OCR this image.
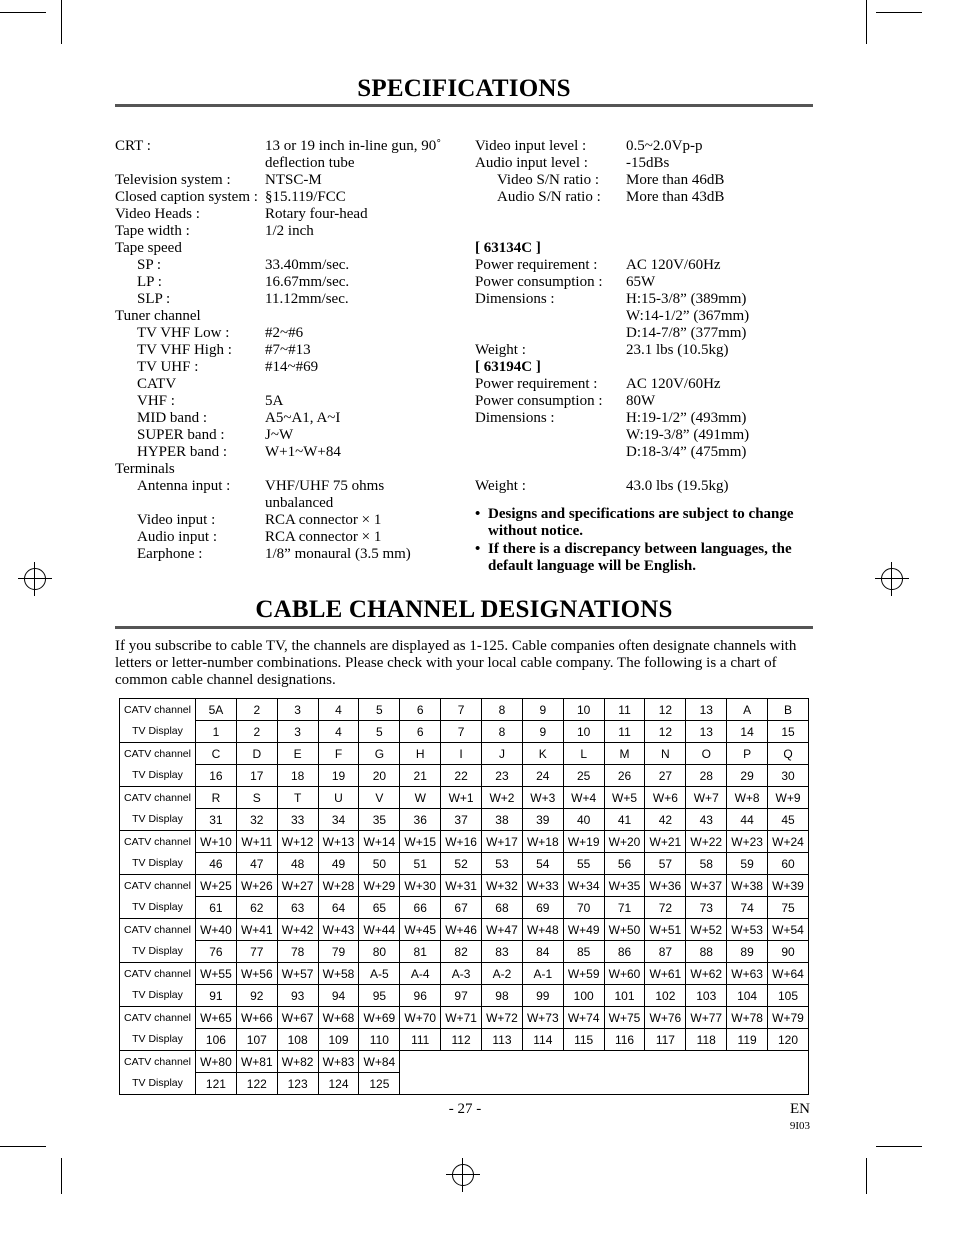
SPECIFICATIONS
CRT :	13 or 19 inch in-line gun, 90˚
deflection tube
Television system : NTSC-M
Closed caption system : §15.119/FCC
Video Heads :	Rotary four-head
Tape width :	1/2 inch
Tape speed
SP :	33.40mm/sec.
LP :	16.67mm/sec.
SLP :	11.12mm/sec.
Tuner channel
TV VHF Low : #2~#6
TV VHF High : #7~#13
TV UHF :	#14~#69
CATV
VHF :	5A
MID band :	A5~A1, A~I
SUPER band :	J~W
HYPER band :	W+1~W+84
Terminals
Antenna input : VHF/UHF 75 ohms
unbalanced
Video input :	RCA connector × 1
Audio input :	RCA connector × 1
Earphone :	1/8” monaural (3.5 mm)
Video input level :	0.5~2.0Vp-p
Audio input level :	-15dBs
Video S/N ratio : More than 46dB
Audio S/N ratio : More than 43dB
[ 63134C ]
Power requirement : AC 120V/60Hz
Power consumption : 65W
Dimensions :	H:15-3/8” (389mm)
W:14-1/2” (367mm)
D:14-7/8” (377mm)
Weight :	23.1 lbs (10.5kg)
[ 63194C ]
Power requirement : AC 120V/60Hz
Power consumption : 80W
Dimensions :	H:19-1/2” (493mm)
W:19-3/8” (491mm)
D:18-3/4” (475mm)
Weight :	43.0 lbs (19.5kg)
• Designs and specifications are subject to change without notice.
• If there is a discrepancy between languages, the default language will be English.
CABLE CHANNEL DESIGNATIONS
If you subscribe to cable TV, the channels are displayed as 1-125. Cable companies often designate channels with letters or letter-number combinations. Please check with your local cable company. The following is a chart of common cable channel designations.
CATV channel	5A	2	3	4	5	6	7	8	9	10	11	12	13	A	B
TV Display	1	2	3	4	5	6	7	8	9	10	11	12	13	14	15
CATV channel	C	D	E	F	G	H	I	J	K	L	M	N	O	P	Q
TV Display	16	17	18	19	20	21	22	23	24	25	26	27	28	29	30
CATV channel	R	S	T	U	V	W	W+1	W+2	W+3	W+4	W+5	W+6	W+7	W+8	W+9
TV Display	31	32	33	34	35	36	37	38	39	40	41	42	43	44	45
CATV channel	W+10	W+11	W+12	W+13	W+14	W+15	W+16	W+17	W+18	W+19	W+20	W+21	W+22	W+23	W+24
TV Display	46	47	48	49	50	51	52	53	54	55	56	57	58	59	60
CATV channel	W+25	W+26	W+27	W+28	W+29	W+30	W+31	W+32	W+33	W+34	W+35	W+36	W+37	W+38	W+39
TV Display	61	62	63	64	65	66	67	68	69	70	71	72	73	74	75
CATV channel	W+40	W+41	W+42	W+43	W+44	W+45	W+46	W+47	W+48	W+49	W+50	W+51	W+52	W+53	W+54
TV Display	76	77	78	79	80	81	82	83	84	85	86	87	88	89	90
CATV channel	W+55	W+56	W+57	W+58	A-5	A-4	A-3	A-2	A-1	W+59	W+60	W+61	W+62	W+63	W+64
TV Display	91	92	93	94	95	96	97	98	99	100	101	102	103	104	105
CATV channel	W+65	W+66	W+67	W+68	W+69	W+70	W+71	W+72	W+73	W+74	W+75	W+76	W+77	W+78	W+79
TV Display	106	107	108	109	110	111	112	113	114	115	116	117	118	119	120
CATV channel	W+80	W+81	W+82	W+83	W+84										
TV Display	121	122	123	124	125										
- 27 -	EN
9I03
